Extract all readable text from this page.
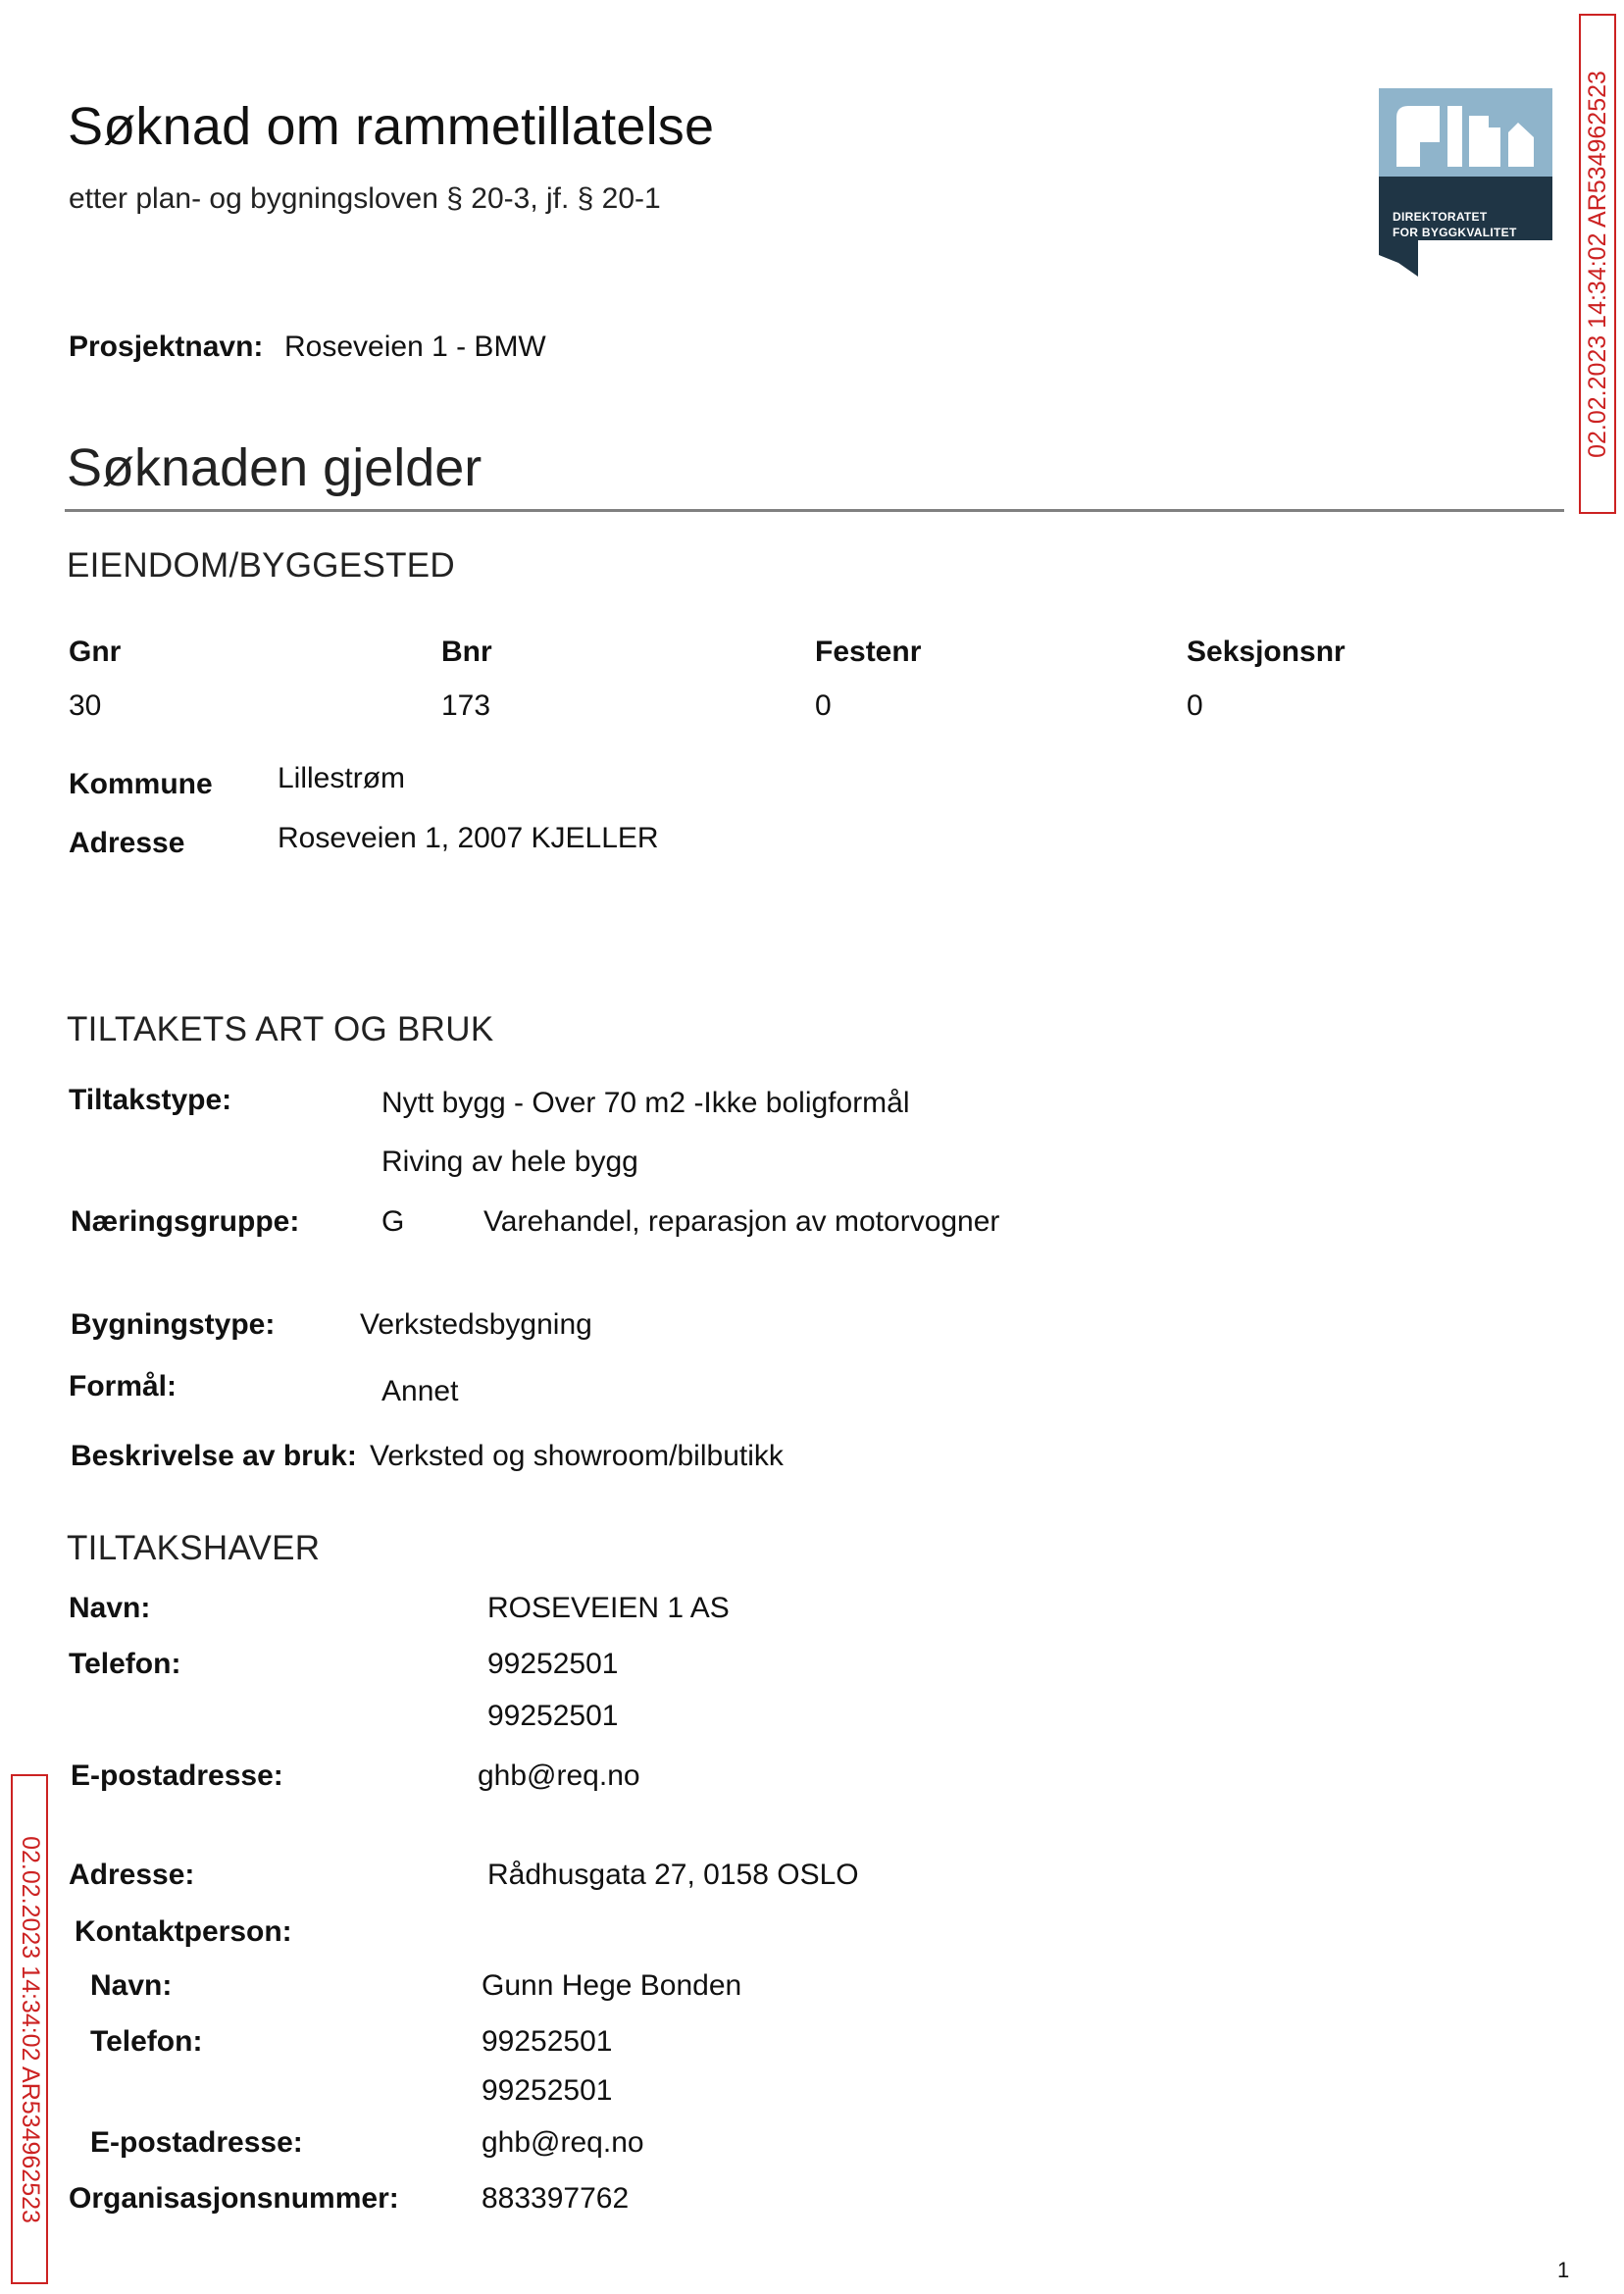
Søknad om rammetillatelse
etter plan- og bygningsloven § 20-3, jf. § 20-1
DIREKTORATET
FOR BYGGKVALITET
Prosjektnavn: Roseveien 1 - BMW
Søknaden gjelder
EIENDOM/BYGGESTED
Gnr	Bnr	Festenr	Seksjonsnr
30	173	0	0
Kommune Lillestrøm
Adresse	Roseveien 1, 2007 KJELLER
TILTAKETS ART OG BRUK
Tiltakstype:	Nytt bygg - Over 70 m2 -Ikke boligformål
Riving av hele bygg
Næringsgruppe:	G	Varehandel, reparasjon av motorvogner
Bygningstype:	Verkstedsbygning
Formål:	Annet
Beskrivelse av bruk: Verksted og showroom/bilbutikk
TILTAKSHAVER
Navn:	ROSEVEIEN 1 AS
Telefon:	99252501
99252501
E-postadresse:	ghb@req.no
Adresse:	Rådhusgata 27, 0158 OSLO
Kontaktperson:
Navn:	Gunn Hege Bonden
Telefon:	99252501
99252501
E-postadresse:	ghb@req.no
Organisasjonsnummer:	883397762
02.02.2023 14:34:02 AR534962523
02.02.2023 14:34:02 AR534962523
1
